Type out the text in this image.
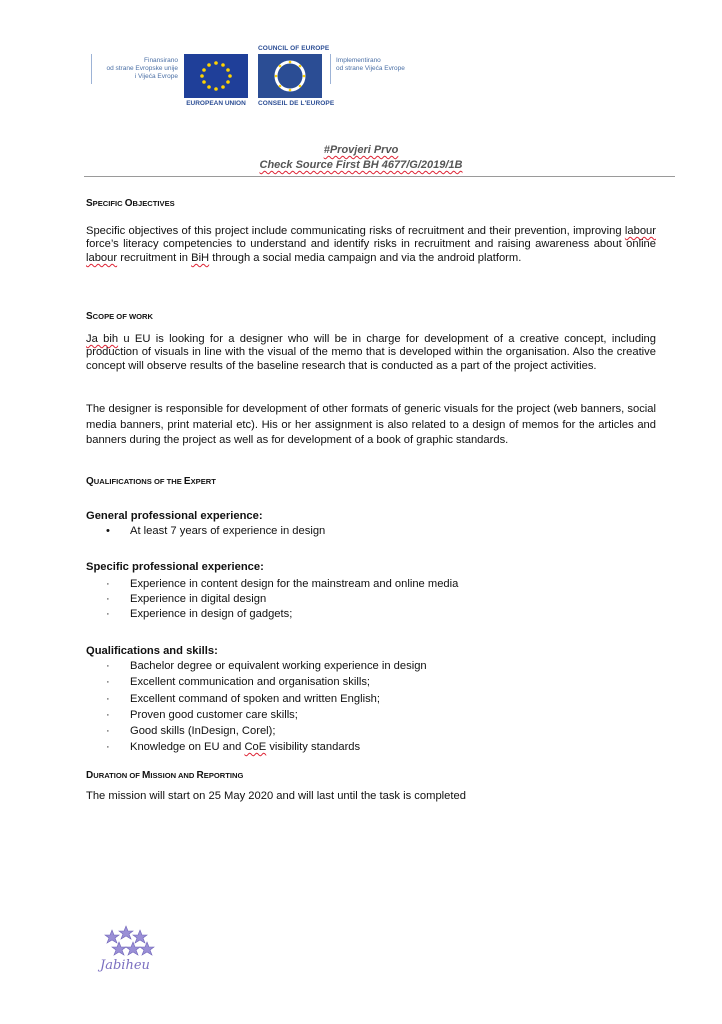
Finansirano
od strane Evropske unije
i Vijeća Evrope
EUROPEAN UNION
COUNCIL OF EUROPE
CONSEIL DE L'EUROPE
Implementirano
od strane Vijeća Evrope
#Provjeri Prvo
Check Source First BH 4677/G/2019/1B
SPECIFIC OBJECTIVES
Specific objectives of this project include communicating risks of recruitment and their prevention, improving labour force’s literacy competencies to understand and identify risks in recruitment and raising awareness about online labour recruitment in BiH through a social media campaign and via the android platform.
SCOPE OF WORK
Ja bih u EU is looking for a designer who will be in charge for development of a creative concept, including production of visuals in line with the visual of the memo that is developed within the organisation. Also the creative concept will observe results of the baseline research that is conducted as a part of the project activities.
The designer is responsible for development of other formats of generic visuals for the project (web banners, social media banners, print material etc). His or her assignment is also related to a design of memos for the articles and banners during the project as well as for development of a book of graphic standards.
QUALIFICATIONS OF THE EXPERT
General professional experience:
• At least 7 years of experience in design
Specific professional experience:
· Experience in content design for the mainstream and online media
· Experience in digital design
· Experience in design of gadgets;
Qualifications and skills:
· Bachelor degree or equivalent working experience in design
· Excellent communication and organisation skills;
· Excellent command of spoken and written English;
· Proven good customer care skills;
· Good skills (InDesign, Corel);
· Knowledge on EU and CoE visibility standards
DURATION OF MISSION AND REPORTING
The mission will start on 25 May 2020 and will last until the task is completed
Jabiheu
